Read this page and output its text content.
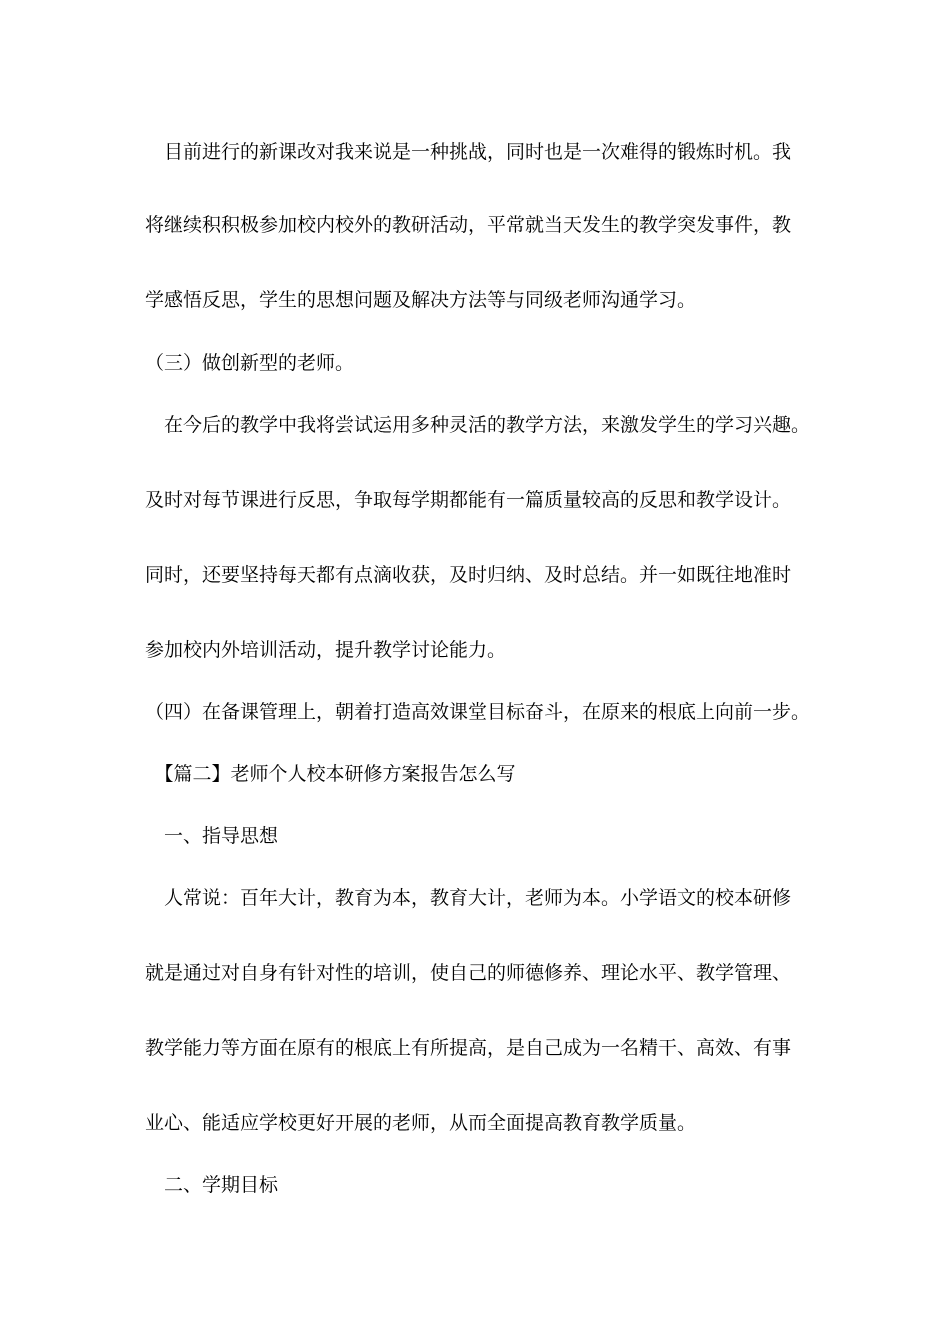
　目前进行的新课改对我来说是一种挑战，同时也是一次难得的锻炼时机。我
将继续积积极参加校内校外的教研活动，平常就当天发生的教学突发事件，教
学感悟反思，学生的思想问题及解决方法等与同级老师沟通学习。
（三）做创新型的老师。
　在今后的教学中我将尝试运用多种灵活的教学方法，来激发学生的学习兴趣。
及时对每节课进行反思，争取每学期都能有一篇质量较高的反思和教学设计。
同时，还要坚持每天都有点滴收获，及时归纳、及时总结。并一如既往地准时
参加校内外培训活动，提升教学讨论能力。
（四）在备课管理上，朝着打造高效课堂目标奋斗，在原来的根底上向前一步。
　【篇二】老师个人校本研修方案报告怎么写
　一、指导思想
　人常说：百年大计，教育为本，教育大计，老师为本。小学语文的校本研修
就是通过对自身有针对性的培训，使自己的师德修养、理论水平、教学管理、
教学能力等方面在原有的根底上有所提高，是自己成为一名精干、高效、有事
业心、能适应学校更好开展的老师，从而全面提高教育教学质量。
　二、学期目标
